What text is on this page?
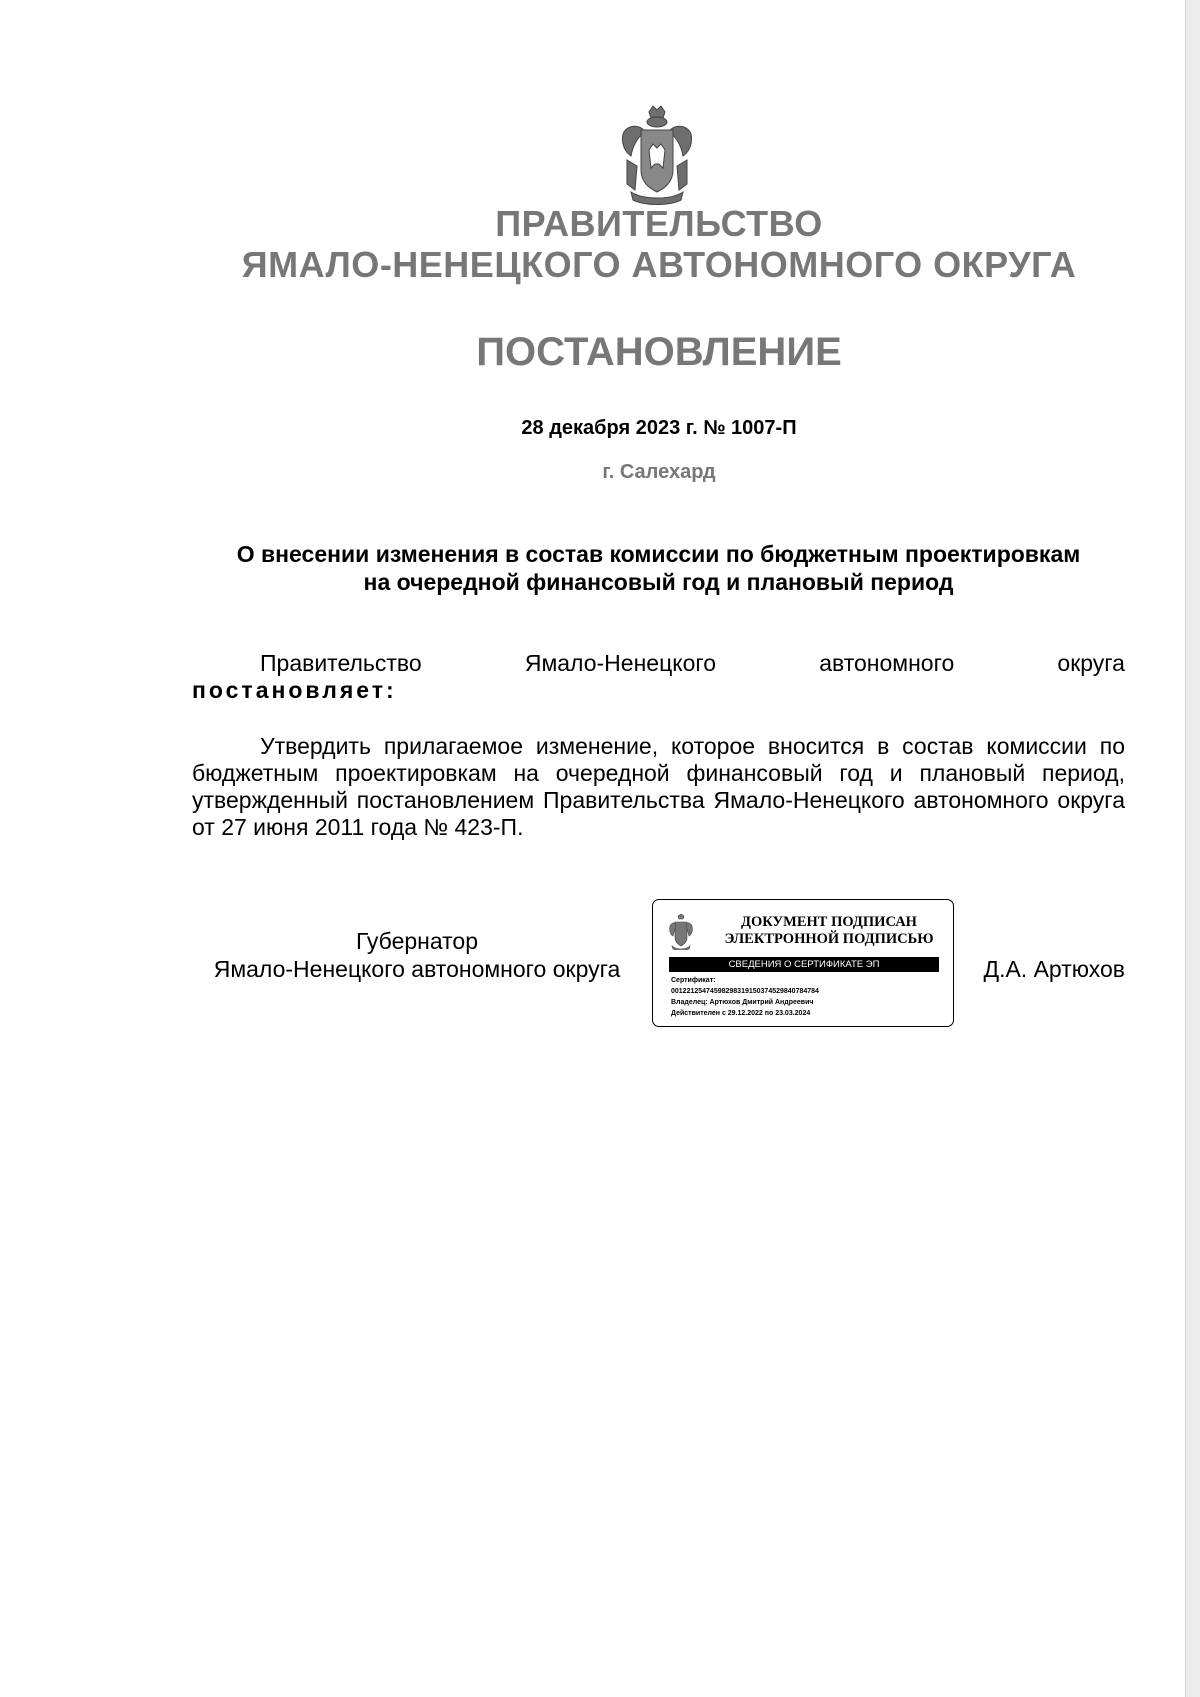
ПРАВИТЕЛЬСТВО
ЯМАЛО-НЕНЕЦКОГО АВТОНОМНОГО ОКРУГА
ПОСТАНОВЛЕНИЕ
28 декабря 2023 г. № 1007-П
г. Салехард
О внесении изменения в состав комиссии по бюджетным проектировкам
на очередной финансовый год и плановый период
Правительство	Ямало-Ненецкого	автономного	округа
постановляет:
Утвердить прилагаемое изменение, которое вносится в состав комиссии по бюджетным проектировкам на очередной финансовый год и плановый период, утвержденный постановлением Правительства Ямало-Ненецкого автономного округа от 27 июня 2011 года № 423-П.
Губернатор
Ямало-Ненецкого автономного округа
ДОКУМЕНТ ПОДПИСАН
ЭЛЕКТРОННОЙ ПОДПИСЬЮ
СВЕДЕНИЯ О СЕРТИФИКАТЕ ЭП
Сертификат:
00122125474598298319150374529840784784
Владелец: Артюхов Дмитрий Андреевич
Действителен с 29.12.2022 по 23.03.2024
Д.А. Артюхов
